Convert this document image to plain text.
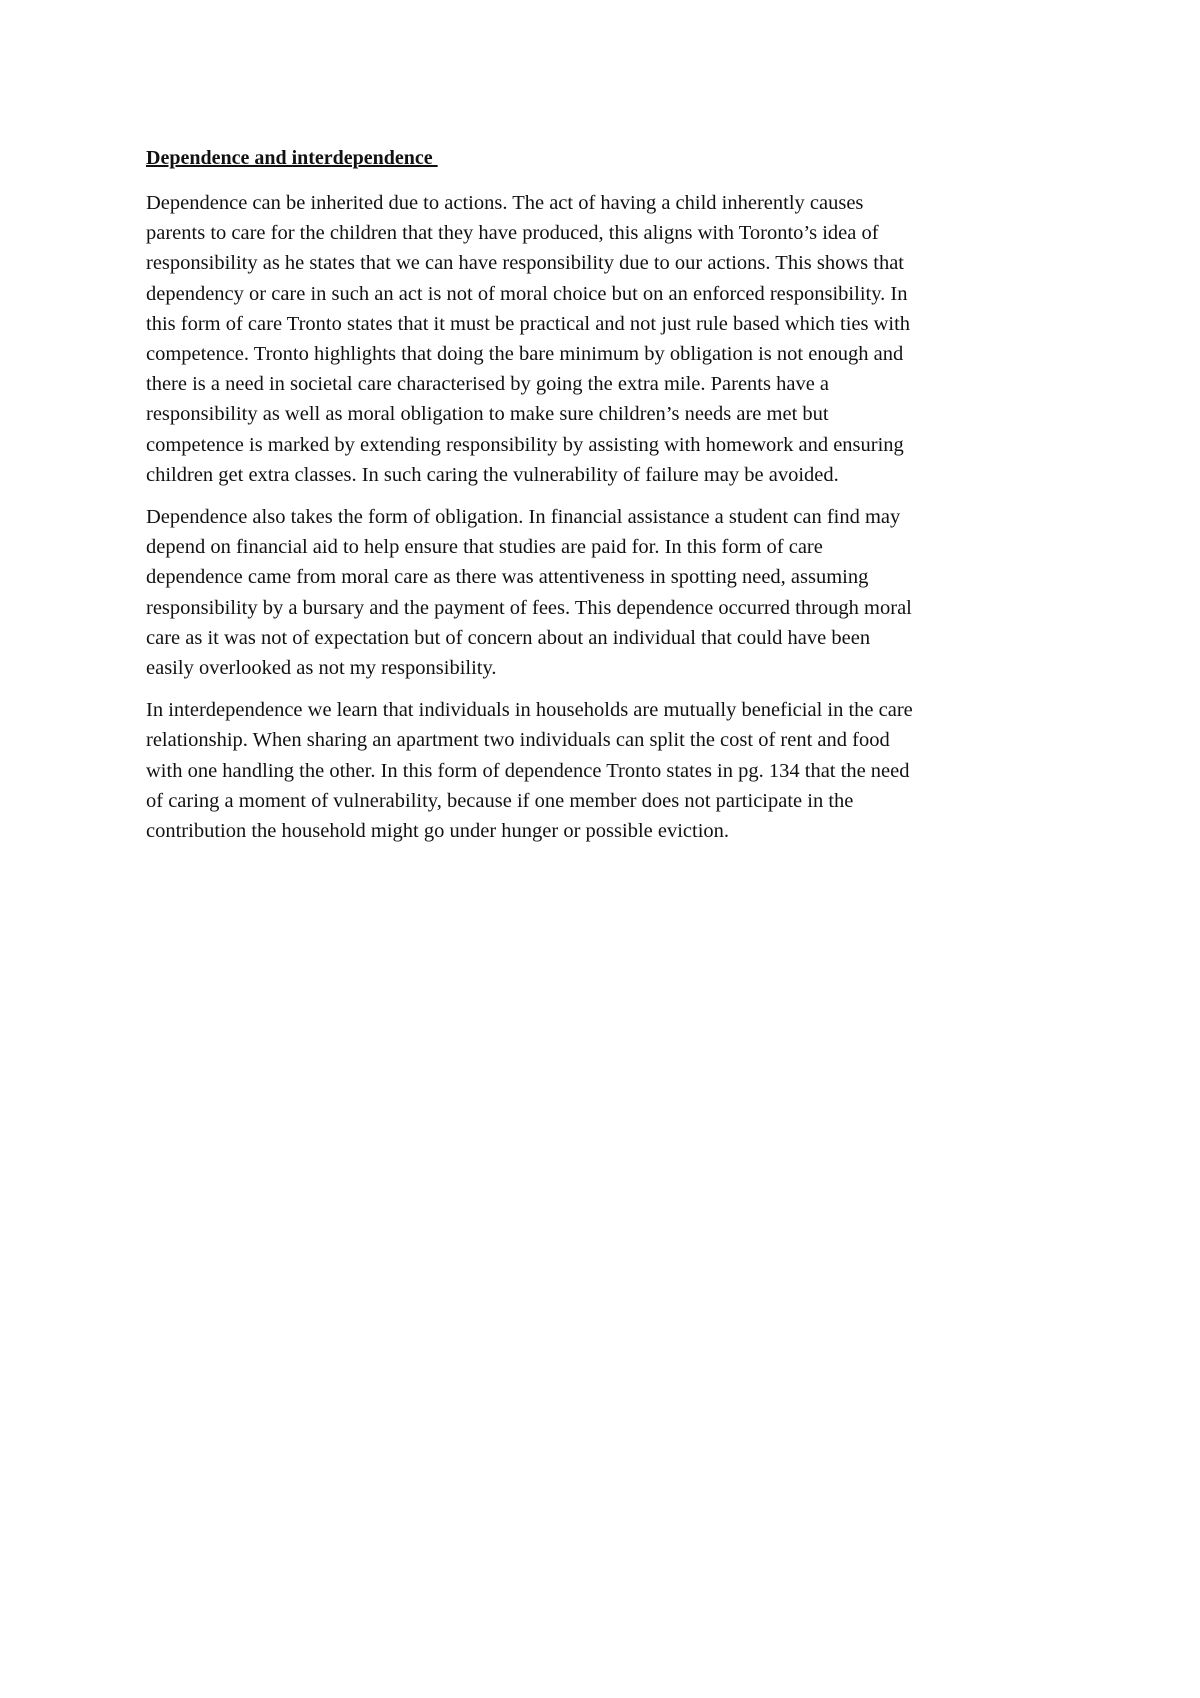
Dependence and interdependence
Dependence can be inherited due to actions. The act of having a child inherently causes
parents to care for the children that they have produced, this aligns with Toronto’s idea of
responsibility as he states that we can have responsibility due to our actions. This shows that
dependency or care in such an act is not of moral choice but on an enforced responsibility. In
this form of care Tronto states that it must be practical and not just rule based which ties with
competence. Tronto highlights that doing the bare minimum by obligation is not enough and
there is a need in societal care characterised by going the extra mile. Parents have a
responsibility as well as moral obligation to make sure children’s needs are met but
competence is marked by extending responsibility by assisting with homework and ensuring
children get extra classes. In such caring the vulnerability of failure may be avoided.
Dependence also takes the form of obligation. In financial assistance a student can find may
depend on financial aid to help ensure that studies are paid for. In this form of care
dependence came from moral care as there was attentiveness in spotting need, assuming
responsibility by a bursary and the payment of fees. This dependence occurred through moral
care as it was not of expectation but of concern about an individual that could have been
easily overlooked as not my responsibility.
In interdependence we learn that individuals in households are mutually beneficial in the care
relationship. When sharing an apartment two individuals can split the cost of rent and food
with one handling the other. In this form of dependence Tronto states in pg. 134 that the need
of caring a moment of vulnerability, because if one member does not participate in the
contribution the household might go under hunger or possible eviction.
